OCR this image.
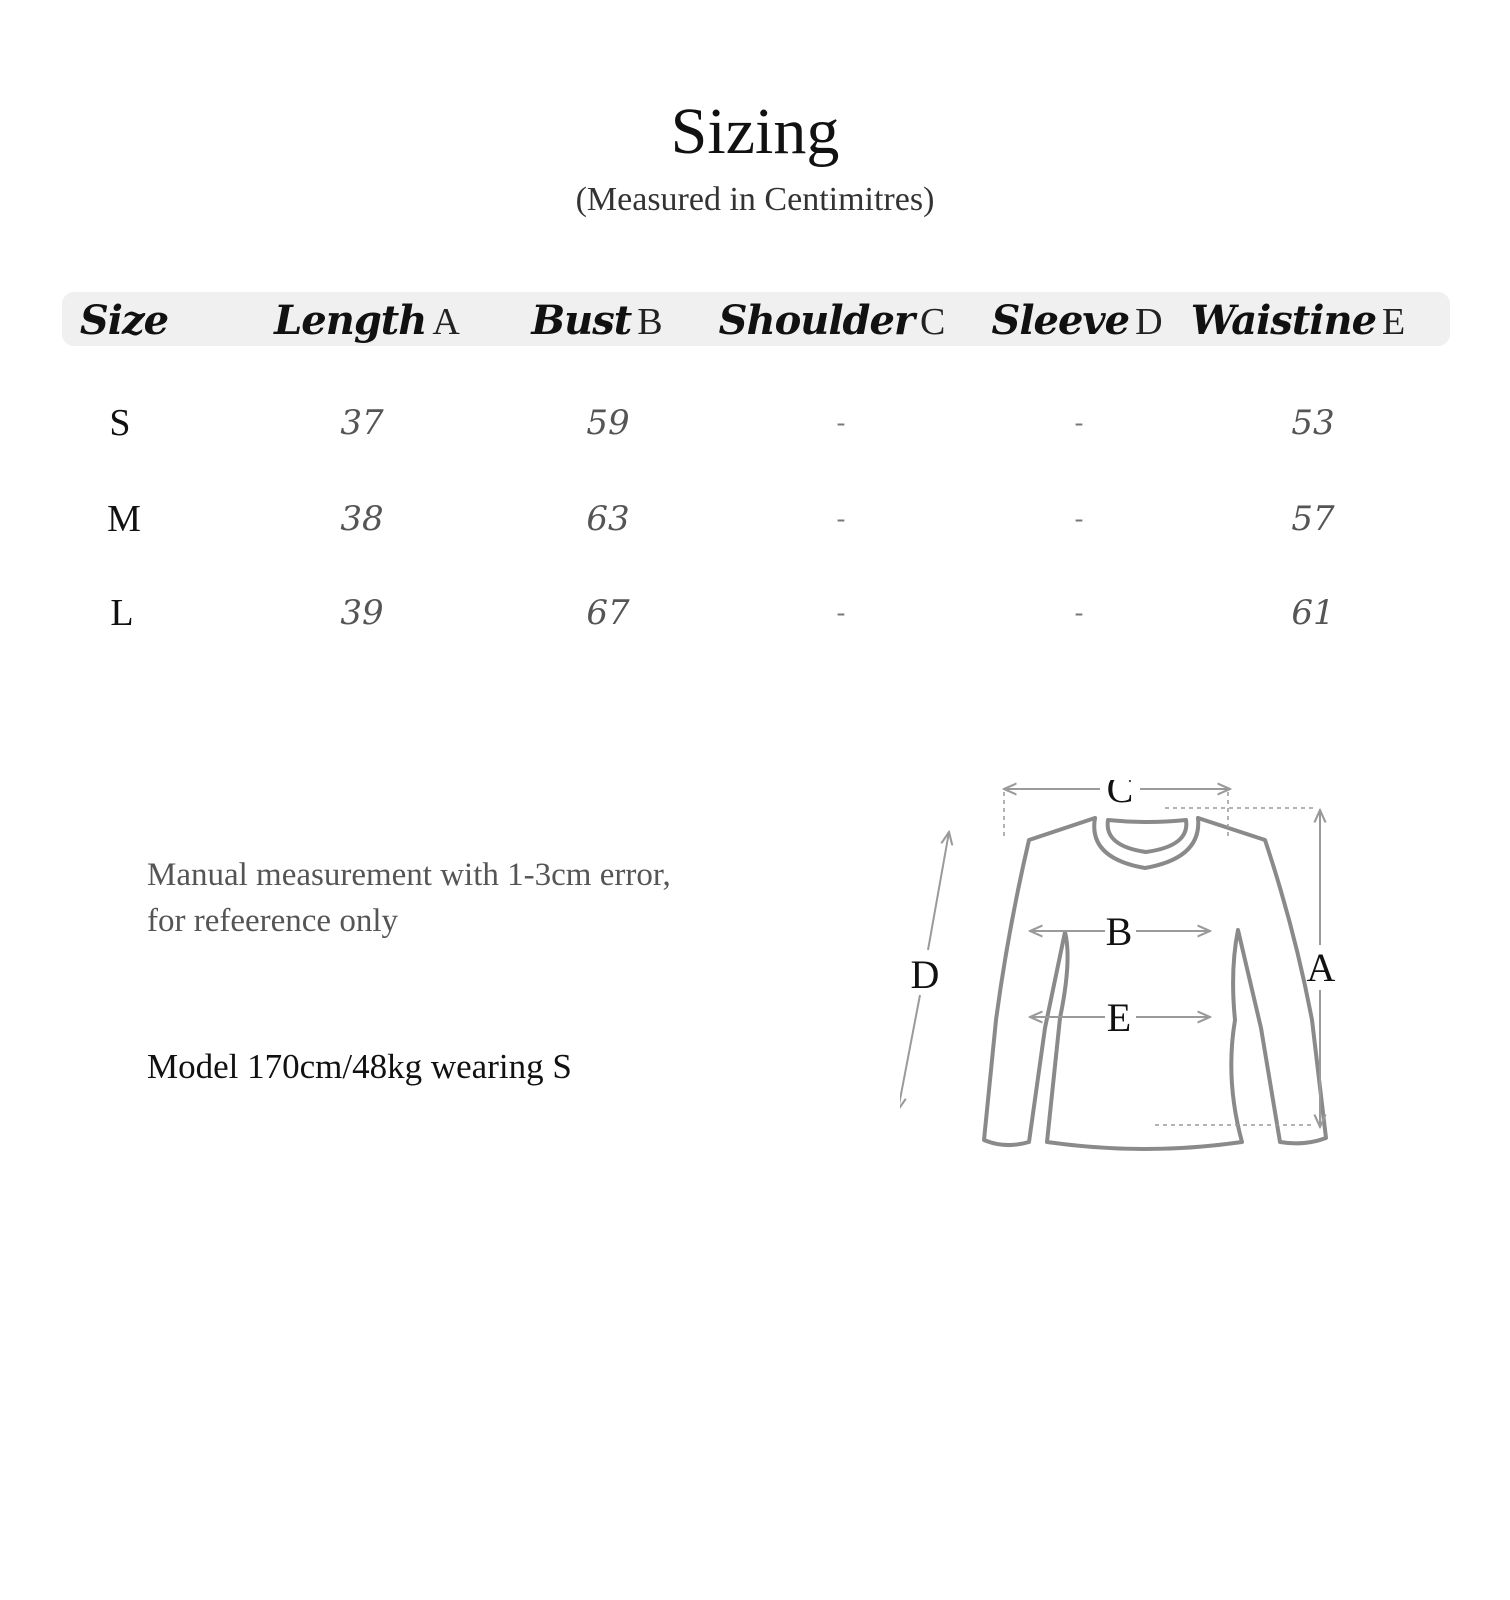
Sizing
(Measured in Centimitres)
Size	Length A Bust B Shoulder C Sleeve D Waistine E
S	37	59	-	-	53
M	38	63	-	-	57
L	39	67	-	-	61
Manual measurement with 1-3cm error,
for refeerence only
Model 170cm/48kg wearing S
C
A
D
B
E
